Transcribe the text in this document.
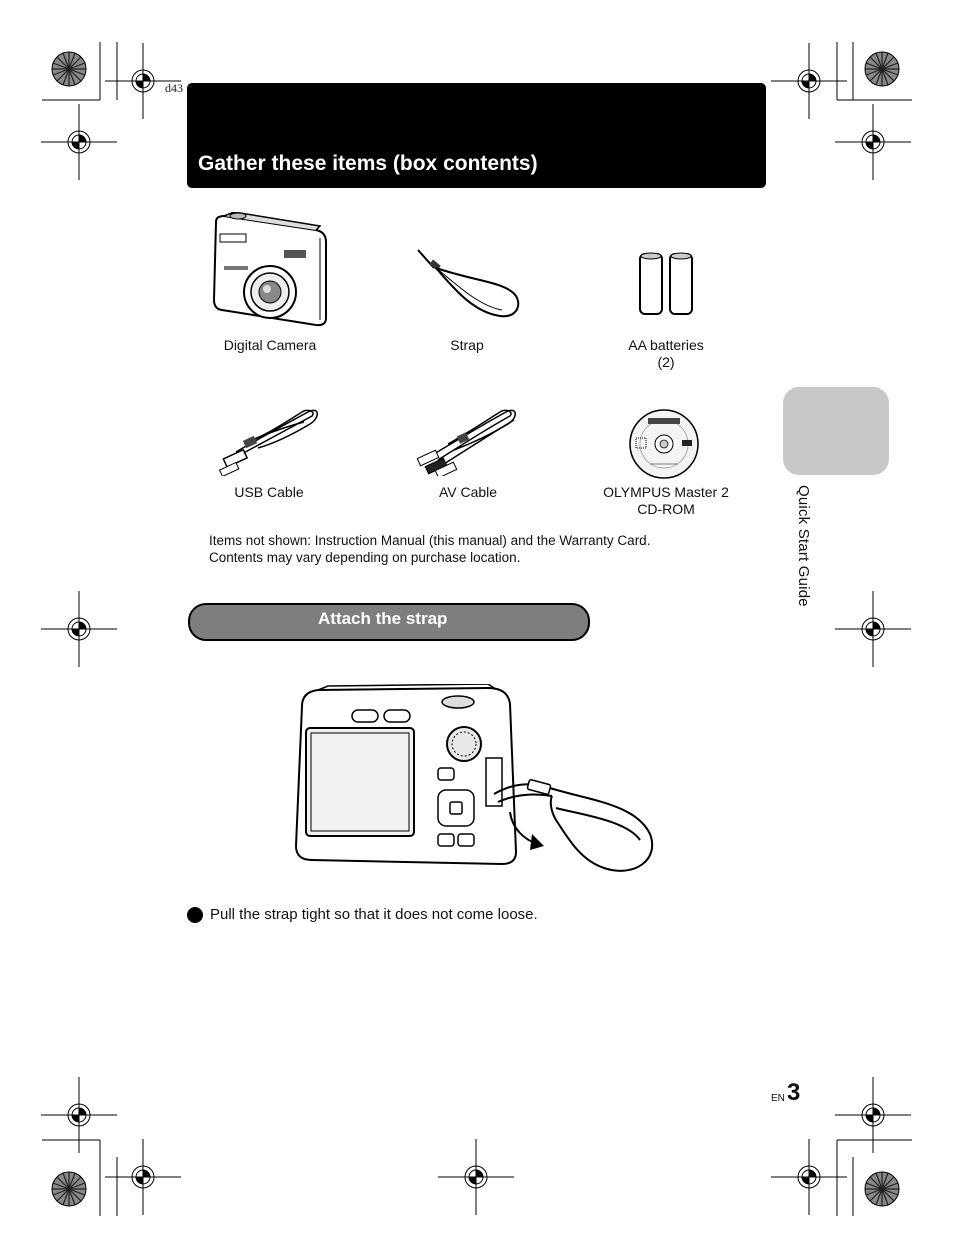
d43
Gather these items (box contents)
Quick Start Guide
Digital Camera	Strap	AA batteries
(2)
USB Cable	AV Cable	OLYMPUS Master 2
CD-ROM
Items not shown: Instruction Manual (this manual) and the Warranty Card.
Contents may vary depending on purchase location.
Attach the strap
Pull the strap tight so that it does not come loose.
EN 3
